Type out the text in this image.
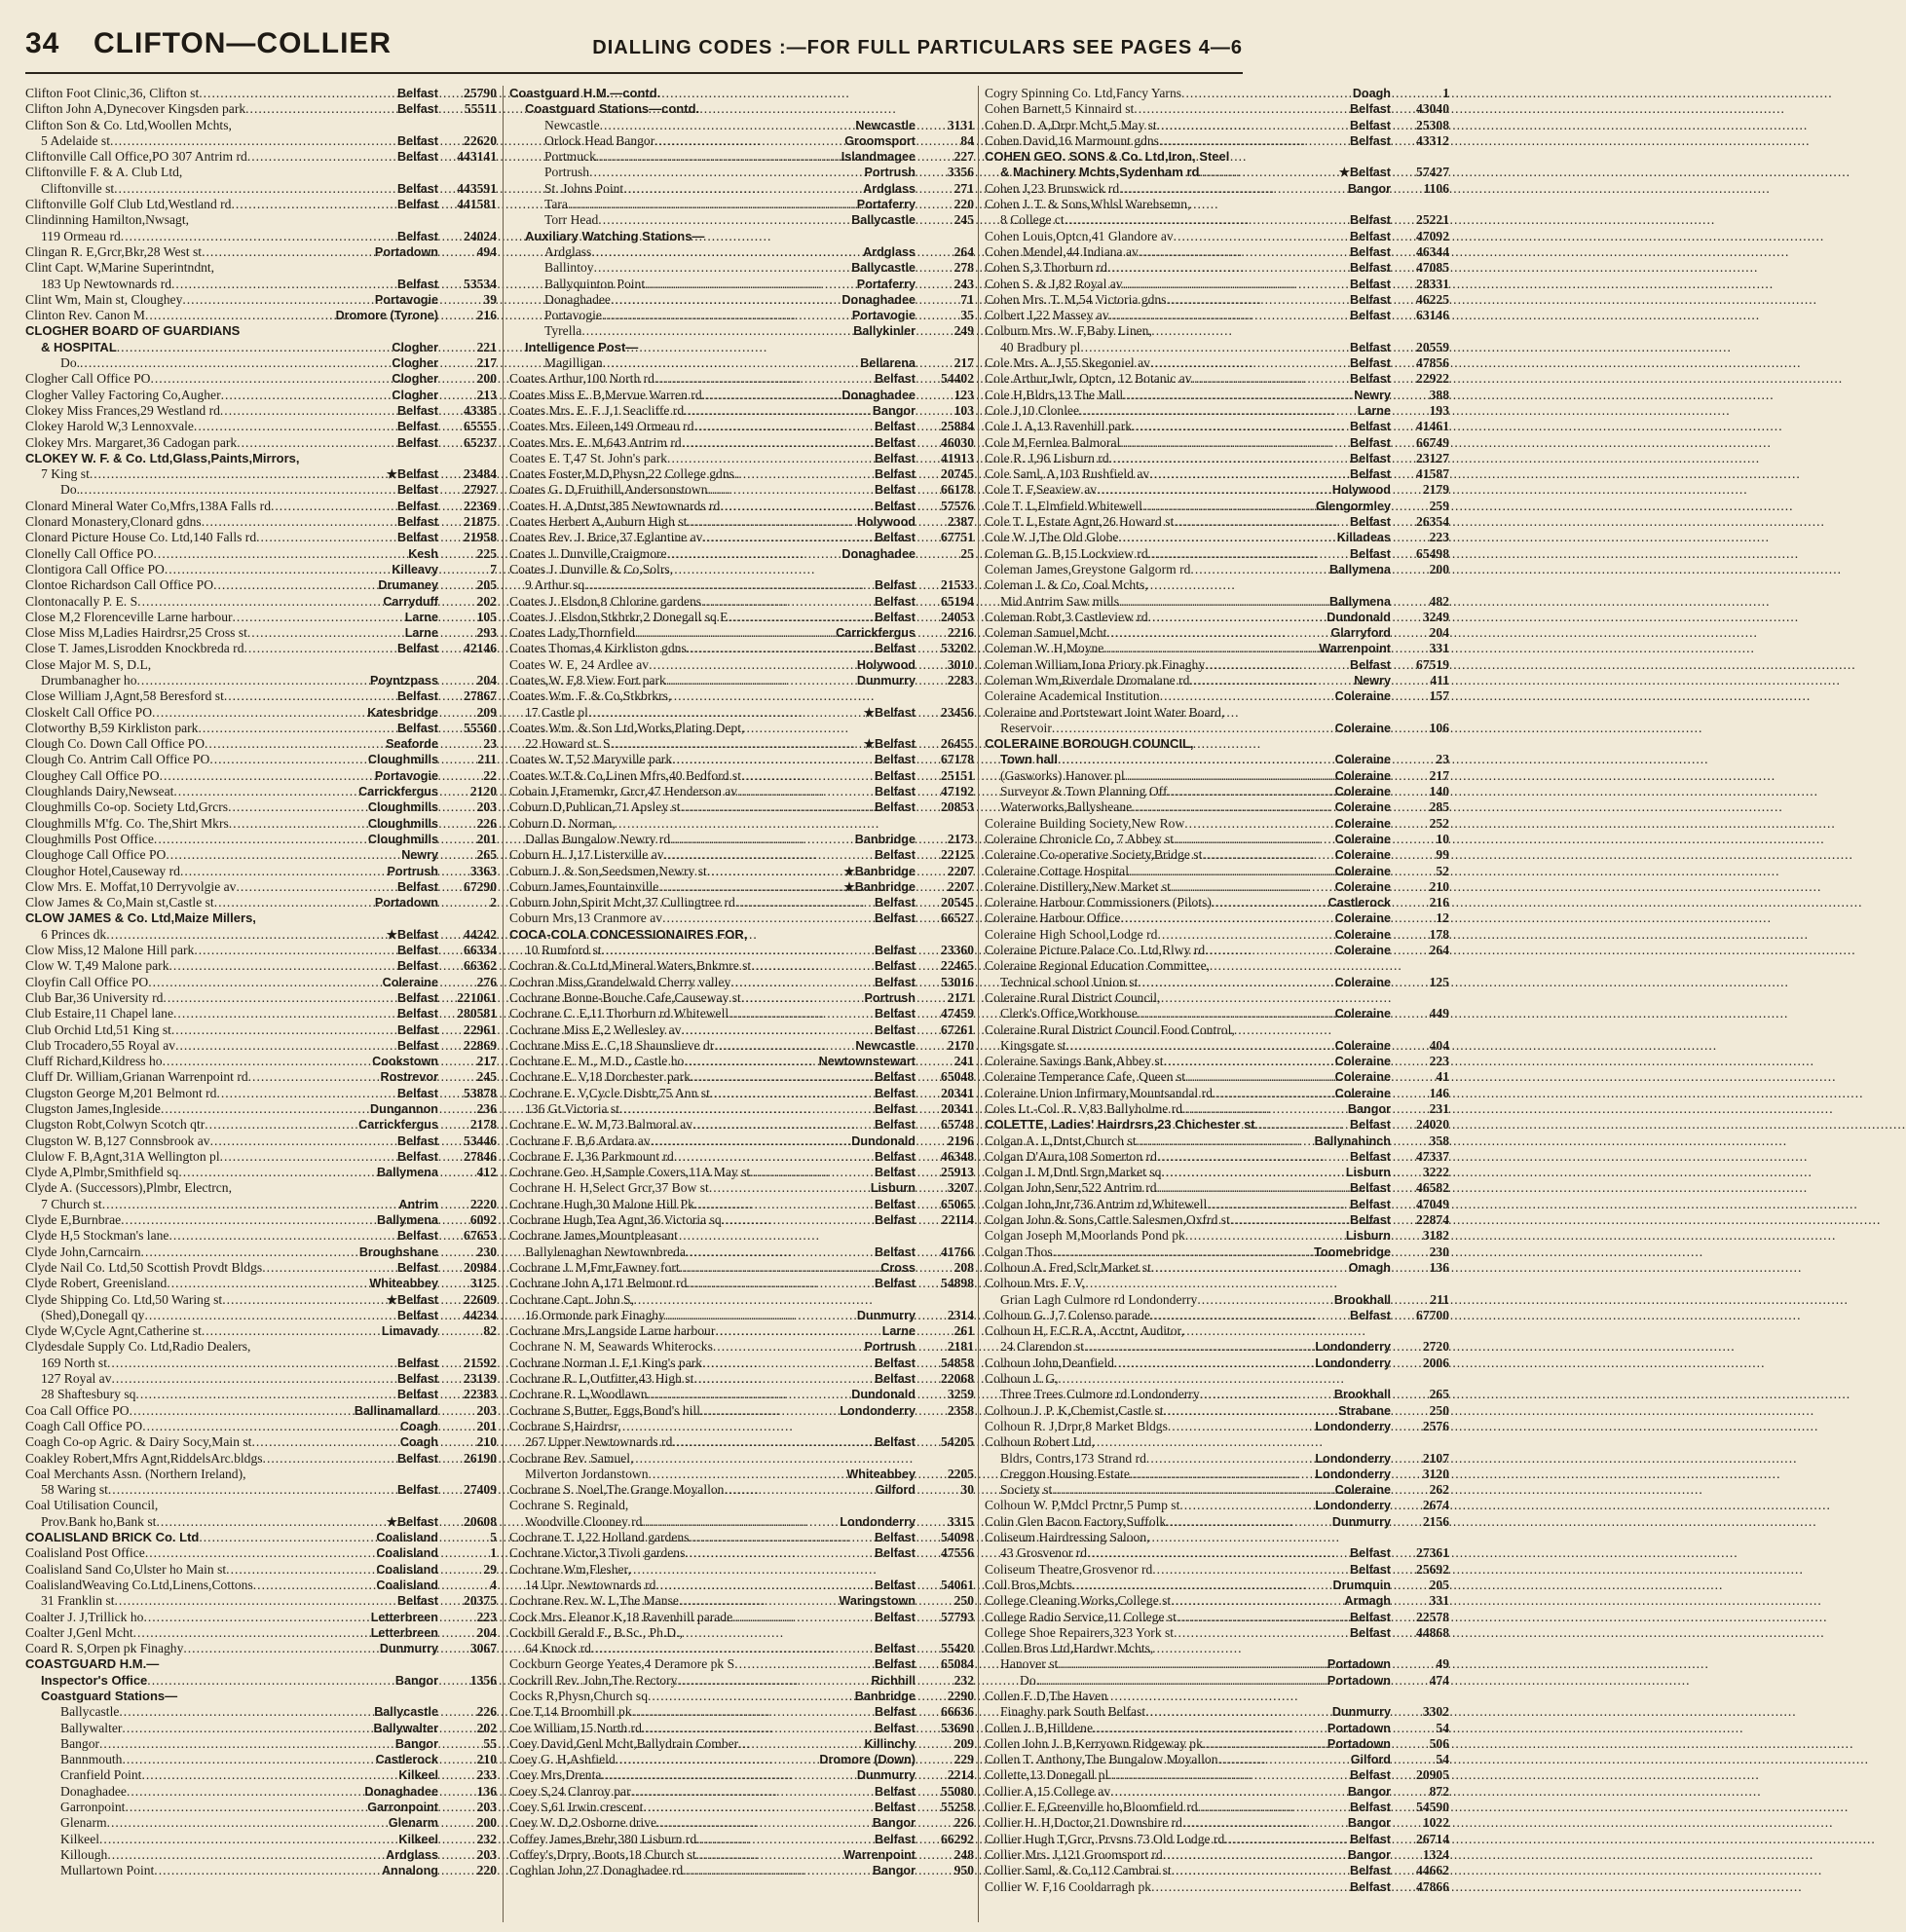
34 CLIFTON—COLLIER	DIALLING CODES :—FOR FULL PARTICULARS SEE PAGES 4—6
Clifton Foot Clinic,36, Clifton st .....	Belfast	25790
Clifton John A,Dynecover Kingsden park .....	Belfast	55511
Clifton Son & Co. Ltd,Woollen Mchts,
5 Adelaide st .....	Belfast	22620
Cliftonville Call Office,PO 307 Antrim rd .....	Belfast	443141
Cliftonville F. & A. Club Ltd,
Cliftonville st .....	Belfast	443591
Cliftonville Golf Club Ltd,Westland rd .....	Belfast	441581
Clindinning Hamilton,Nwsagt,
119 Ormeau rd .....	Belfast	24024
Clingan R. E,Grcr,Bkr,28 West st .....	Portadown	494
Clint Capt. W,Marine Superintndnt,
183 Up Newtownards rd .....	Belfast	53534
Clint Wm, Main st, Cloughey .....	Portavogie	39
Clinton Rev. Canon M .....	Dromore (Tyrone)	216
CLOGHER BOARD OF GUARDIANS
& HOSPITAL .....	Clogher	221
Do. .....	Clogher	217
Clogher Call Office PO .....	Clogher	200
Clogher Valley Factoring Co,Augher .....	Clogher	213
Clokey Miss Frances,29 Westland rd .....	Belfast	43385
Clokey Harold W,3 Lennoxvale .....	Belfast	65555
Clokey Mrs. Margaret,36 Cadogan park .....	Belfast	65237
CLOKEY W. F. & Co. Ltd,Glass,Paints,Mirrors,
7 King st .....	★Belfast	23484
Do. .....	Belfast	27927
Clonard Mineral Water Co,Mfrs,138A Falls rd .....	Belfast	22369
Clonard Monastery,Clonard gdns .....	Belfast	21875
Clonard Picture House Co. Ltd,140 Falls rd .....	Belfast	21958
Clonelly Call Office PO .....	Kesh	225
Clontigora Call Office PO .....	Killeavy	7
Clontoe Richardson Call Office PO .....	Drumaney	205
Clontonacally P. E. S .....	Carryduff	202
Close M,2 Florenceville Larne harbour .....	Larne	105
Close Miss M,Ladies Hairdrsr,25 Cross st .....	Larne	293
Close T. James,Lisrodden Knockbreda rd .....	Belfast	42146
Close Major M. S, D.L,
Drumbanagher ho .....	Poyntzpass	204
Close William J,Agnt,58 Beresford st .....	Belfast	27867
Closkelt Call Office PO .....	Katesbridge	209
Clotworthy B,59 Kirkliston park .....	Belfast	55560
Clough Co. Down Call Office PO .....	Seaforde	23
Clough Co. Antrim Call Office PO .....	Cloughmills	211
Cloughey Call Office PO .....	Portavogie	22
Cloughlands Dairy,Newseat .....	Carrickfergus	2120
Cloughmills Co-op. Society Ltd,Grcrs .....	Cloughmills	203
Cloughmills M'fg. Co. The,Shirt Mkrs .....	Cloughmills	226
Cloughmills Post Office .....	Cloughmills	201
Cloughoge Call Office PO .....	Newry	265
Cloughor Hotel,Causeway rd .....	Portrush	3363
Clow Mrs. E. Moffat,10 Derryvolgie av .....	Belfast	67290
Clow James & Co,Main st,Castle st .....	Portadown	2
CLOW JAMES & Co. Ltd,Maize Millers,
6 Princes dk .....	★Belfast	44242
Clow Miss,12 Malone Hill park .....	Belfast	66334
Clow W. T,49 Malone park .....	Belfast	66362
Cloyfin Call Office PO .....	Coleraine	276
Club Bar,36 University rd .....	Belfast	221061
Club Estaire,11 Chapel lane .....	Belfast	280581
Club Orchid Ltd,51 King st .....	Belfast	22961
Club Trocadero,55 Royal av .....	Belfast	22869
Cluff Richard,Kildress ho .....	Cookstown	217
Cluff Dr. William,Grianan Warrenpoint rd .....	Rostrevor	245
Clugston George M,201 Belmont rd .....	Belfast	53878
Clugston James,Ingleside .....	Dungannon	236
Clugston Robt,Colwyn Scotch qtr .....	Carrickfergus	2178
Clugston W. B,127 Connsbrook av .....	Belfast	53446
Clulow F. B,Agnt,31A Wellington pl .....	Belfast	27846
Clyde A,Plmbr,Smithfield sq .....	Ballymena	412
Clyde A. (Successors),Plmbr, Electrcn,
7 Church st .....	Antrim	2220
Clyde E,Burnbrae .....	Ballymena	6092
Clyde H,5 Stockman's lane .....	Belfast	67653
Clyde John,Carncairn .....	Broughshane	230
Clyde Nail Co. Ltd,50 Scottish Provdt Bldgs .....	Belfast	20984
Clyde Robert, Greenisland .....	Whiteabbey	3125
Clyde Shipping Co. Ltd,50 Waring st .....	★Belfast	22609
(Shed),Donegall qy .....	Belfast	44234
Clyde W,Cycle Agnt,Catherine st .....	Limavady	82
Clydesdale Supply Co. Ltd,Radio Dealers,
169 North st .....	Belfast	21592
127 Royal av .....	Belfast	23139
28 Shaftesbury sq .....	Belfast	22383
Coa Call Office PO .....	Ballinamallard	203
Coagh Call Office PO .....	Coagh	201
Coagh Co-op Agric. & Dairy Socy,Main st .....	Coagh	210
Coakley Robert,Mfrs Agnt,RiddelsArc.bldgs .....	Belfast	26190
Coal Merchants Assn. (Northern Ireland),
58 Waring st .....	Belfast	27409
Coal Utilisation Council,
Prov.Bank ho,Bank st .....	★Belfast	20608
COALISLAND BRICK Co. Ltd .....	Coalisland	5
Coalisland Post Office .....	Coalisland	1
Coalisland Sand Co,Ulster ho Main st .....	Coalisland	29
CoalislandWeaving Co.Ltd,Linens,Cottons .....	Coalisland	4
31 Franklin st .....	Belfast	20375
Coalter J. J,Trillick ho .....	Letterbreen	223
Coalter J,Genl Mcht .....	Letterbreen	204
Coard R. S,Orpen pk Finaghy .....	Dunmurry	3067
COASTGUARD H.M.—
Inspector's Office .....	Bangor	1356
Coastguard Stations—
Ballycastle .....	Ballycastle	226
Ballywalter .....	Ballywalter	202
Bangor .....	Bangor	55
Bannmouth .....	Castlerock	210
Cranfield Point .....	Kilkeel	233
Donaghadee .....	Donaghadee	136
Garronpoint .....	Garronpoint	203
Glenarm .....	Glenarm	200
Kilkeel .....	Kilkeel	232
Killough .....	Ardglass	203
Mullartown Point .....	Annalong	220
Coastguard H.M.—contd.
Coastguard Stations—contd.
Newcastle .....	Newcastle	3131
Orlock Head Bangor .....	Groomsport	84
Portmuck .....	Islandmagee	227
Portrush .....	Portrush	3356
St. Johns Point .....	Ardglass	271
Tara .....	Portaferry	220
Torr Head .....	Ballycastle	245
Auxiliary Watching Stations—
Ardglass .....	Ardglass	264
Ballintoy .....	Ballycastle	278
Ballyquinton Point .....	Portaferry	243
Donaghadee .....	Donaghadee	71
Portavogie .....	Portavogie	35
Tyrella .....	Ballykinler	249
Intelligence Post—
Magilligan .....	Bellarena	217
Coates Arthur,100 North rd .....	Belfast	54402
Coates Miss E. B,Mervue Warren rd .....	Donaghadee	123
Coates Mrs. E. F. J,1 Seacliffe rd .....	Bangor	103
Coates Mrs. Eileen,149 Ormeau rd .....	Belfast	25884
Coates Mrs. E. M,643 Antrim rd .....	Belfast	46030
Coates E. T,47 St. John's park .....	Belfast	41913
Coates Foster,M.D,Physn,22 College gdns .....	Belfast	20745
Coates G. D,Fruithill,Andersonstown .....	Belfast	66178
Coates H. A,Dntst,385 Newtownards rd .....	Belfast	57576
Coates Herbert A,Auburn High st .....	Holywood	2387
Coates Rev. J. Brice,37 Eglantine av .....	Belfast	67751
Coates J. Dunville,Craigmore .....	Donaghadee	25
Coates J. Dunville & Co,Solrs,
9 Arthur sq .....	Belfast	21533
Coates J. Elsdon,8 Chlorine gardens .....	Belfast	65194
Coates J. Elsdon,Stkbrkr,2 Donegall sq E .....	Belfast	24053
Coates Lady,Thornfield .....	Carrickfergus	2216
Coates Thomas,4 Kirkliston gdns .....	Belfast	53202
Coates W. E, 24 Ardlee av .....	Holywood	3010
Coates,W. F,8 View Fort park .....	Dunmurry	2283
Coates Wm. F. & Co,Stkbrkrs,
17 Castle pl .....	★Belfast	23456
Coates Wm. & Son Ltd,Works,Plating Dept,
22 Howard st. S .....	★Belfast	26455
Coates W. T,52 Maryville park .....	Belfast	67178
Coates W.T.& Co,Linen Mfrs,40 Bedford st .....	Belfast	25151
Cobain J,Framemkr, Grcr,47 Henderson av .....	Belfast	47192
Coburn D,Publican,71 Apsley st .....	Belfast	20853
Coburn D. Norman,
Dallas Bungalow Newry rd .....	Banbridge	2173
Coburn H. J,17 Listerville av .....	Belfast	22125
Coburn J. & Son,Seedsmen,Newry st .....	★Banbridge	2207
Coburn James,Fountainville .....	★Banbridge	2207
Coburn John,Spirit Mcht,37 Cullingtree rd .....	Belfast	20545
Coburn Mrs,13 Cranmore av .....	Belfast	66527
COCA-COLA CONCESSIONAIRES FOR,
10 Rumford st .....	Belfast	23360
Cochran & Co.Ltd,Mineral Waters,Bnkmre st .....	Belfast	22465
Cochran Miss,Grandelwald Cherry valley .....	Belfast	53016
Cochrane Bonne-Bouche Cafe,Causeway st .....	Portrush	2171
Cochrane C. E,11 Thorburn rd Whitewell .....	Belfast	47459
Cochrane Miss E,2 Wellesley av .....	Belfast	67261
Cochrane Miss E. C,18 Shaunslieve dr .....	Newcastle	2170
Cochrane E. M., M.D., Castle ho .....	Newtownstewart	241
Cochrane E. V,18 Dorchester park .....	Belfast	65048
Cochrane E. V,Cycle Disbtr,75 Ann st .....	Belfast	20341
136 Gt.Victoria st .....	Belfast	20341
Cochrane E. W. M,73 Balmoral av .....	Belfast	65748
Cochrane F. B,6 Ardara av .....	Dundonald	2196
Cochrane F. J,36 Parkmount rd .....	Belfast	46348
Cochrane Geo. H,Sample Covers,11A May st .....	Belfast	25913
Cochrane H. H,Select Grcr,37 Bow st .....	Lisburn	3207
Cochrane Hugh,30 Malone Hill Pk .....	Belfast	65065
Cochrane Hugh,Tea Agnt,36 Victoria sq .....	Belfast	22114
Cochrane James,Mountpleasant
Ballylenaghan Newtownbreda .....	Belfast	41766
Cochrane J. M,Fmr,Fawney fort .....	Cross	208
Cochrane John A,171 Belmont rd .....	Belfast	54898
Cochrane Capt. John S,
16 Ormonde park Finaghy .....	Dunmurry	2314
Cochrane Mrs,Langside Larne harbour .....	Larne	261
Cochrane N. M, Seawards Whiterocks .....	Portrush	2181
Cochrane Norman J. F,1 King's park .....	Belfast	54858
Cochrane R. L,Outfitter,43 High st .....	Belfast	22068
Cochrane R. L,Woodlawn .....	Dundonald	3259
Cochrane S,Butter, Eggs,Bond's hill .....	Londonderry	2358
Cochrane S,Hairdrsr,
267 Upper Newtownards rd .....	Belfast	54205
Cochrane Rev. Samuel,
Milverton Jordanstown .....	Whiteabbey	2205
Cochrane S. Noel,The Grange Moyallon .....	Gilford	30
Cochrane S. Reginald,
Woodville Clooney rd .....	Londonderry	3315
Cochrane T. J,22 Holland gardens .....	Belfast	54098
Cochrane Victor,3 Tivoli gardens .....	Belfast	47556
Cochrane Wm,Flesher,
14 Upr. Newtownards rd .....	Belfast	54061
Cochrane Rev. W. L,The Manse .....	Waringstown	250
Cock Mrs. Eleanor K,18 Ravenhill parade .....	Belfast	57793
Cockbill Gerald F., B.Sc., Ph.D.,
64 Knock rd .....	Belfast	55420
Cockburn George Yeates,4 Deramore pk S .....	Belfast	65084
Cockrill Rev. John,The Rectory .....	Richhill	232
Cocks R,Physn,Church sq .....	Banbridge	2290
Coe T,14 Broomhill pk .....	Belfast	66636
Coe William,15 North rd .....	Belfast	53690
Coey David,Genl Mcht,Ballydrain Comber .....	Killinchy	209
Coey G. H,Ashfield .....	Dromore (Down)	229
Coey Mrs,Drenta .....	Dunmurry	2214
Coey S,24 Clanroy par .....	Belfast	55080
Coey S,61 Irwin crescent .....	Belfast	55258
Coey W. D,2 Osborne drive .....	Bangor	226
Coffey James,Brehr,380 Lisburn rd .....	Belfast	66292
Coffey's,Drpry, Boots,18 Church st .....	Warrenpoint	248
Coghlan John,27 Donaghadee rd .....	Bangor	950
Cogry Spinning Co. Ltd,Fancy Yarns .....	Doagh	1
Cohen Barnett,5 Kinnaird st .....	Belfast	43040
Cohen D. A,Drpr Mcht,5 May st .....	Belfast	25308
Cohen David,16 Marmount gdns .....	Belfast	43312
COHEN GEO. SONS & Co. Ltd,Iron, Steel
& Machinery Mchts,Sydenham rd .....	★Belfast	57427
Cohen J,23 Brunswick rd .....	Bangor	1106
Cohen J. T. & Sons,Whlsl Warehsemn,
8 College ct .....	Belfast	25221
Cohen Louis,Optcn,41 Glandore av .....	Belfast	47092
Cohen Mendel,44 Indiana av .....	Belfast	46344
Cohen S,3 Thorburn rd .....	Belfast	47085
Cohen S. & J,82 Royal av .....	Belfast	28331
Cohen Mrs. T. M,54 Victoria gdns .....	Belfast	46225
Colbert J,22 Massey av .....	Belfast	63146
Colburn Mrs. W. F,Baby Linen,
40 Bradbury pl .....	Belfast	20559
Cole Mrs. A. J,55 Skegoniel av .....	Belfast	47856
Cole Arthur,Jwlr, Optcn, 12 Botanic av .....	Belfast	22922
Cole H,Bldrs,13 The Mall .....	Newry	388
Cole J,10 Clonlee .....	Larne	193
Cole J. A,13 Ravenhill park .....	Belfast	41461
Cole M,Fernlea Balmoral .....	Belfast	66749
Cole R. J,96 Lisburn rd .....	Belfast	23127
Cole Saml, A,103 Rushfield av .....	Belfast	41587
Cole T. F,Seaview av .....	Holywood	2179
Cole T. L,Elmfield Whitewell .....	Glengormley	259
Cole T. L,Estate Agnt,26 Howard st .....	Belfast	26354
Cole W. J,The Old Globe .....	Killadeas	223
Coleman G. B,15 Lockview rd .....	Belfast	65498
Coleman James,Greystone Galgorm rd .....	Ballymena	200
Coleman J. & Co, Coal Mchts,
Mid Antrim Saw mills .....	Ballymena	482
Coleman Robt,3 Castleview rd .....	Dundonald	3249
Coleman Samuel,Mcht .....	Glarryford	204
Coleman W. H,Moyne .....	Warrenpoint	331
Coleman William,Iona Priory pk Finaghy .....	Belfast	67519
Coleman Wm,Riverdale Dromalane rd .....	Newry	411
Coleraine Academical Institution .....	Coleraine	157
Coleraine and Portstewart Joint Water Board,
Reservoir .....	Coleraine	106
COLERAINE BOROUGH COUNCIL,
Town hall .....	Coleraine	23
(Gasworks) Hanover pl .....	Coleraine	217
Surveyor & Town Planning Off .....	Coleraine	140
Waterworks,Ballysheane .....	Coleraine	285
Coleraine Building Society,New Row .....	Coleraine	252
Coleraine Chronicle Co, 7 Abbey st .....	Coleraine	10
Coleraine Co-operative Society,Bridge st .....	Coleraine	99
Coleraine Cottage Hospital .....	Coleraine	52
Coleraine Distillery,New Market st .....	Coleraine	210
Coleraine Harbour Commissioners (Pilots) .....	Castlerock	216
Coleraine Harbour Office .....	Coleraine	12
Coleraine High School,Lodge rd .....	Coleraine	178
Coleraine Picture Palace Co. Ltd,Rlwy rd .....	Coleraine	264
Coleraine Regional Education Committee,
Technical school Union st .....	Coleraine	125
Coleraine Rural District Council,
Clerk's Office,Workhouse .....	Coleraine	449
Coleraine Rural District Council Food Control,
Kingsgate st .....	Coleraine	404
Coleraine Savings Bank,Abbey st .....	Coleraine	223
Coleraine Temperance Cafe, Queen st .....	Coleraine	41
Coleraine Union Infirmary,Mountsandal rd .....	Coleraine	146
Coles Lt.-Col. R. V,83 Ballyholme rd .....	Bangor	231
COLETTE, Ladies' Hairdrsrs,23 Chichester st .....	Belfast	24020
Colgan A. L,Dntst,Church st .....	Ballynahinch	358
Colgan D'Aura,108 Somerton rd .....	Belfast	47337
Colgan J. M,Dntl Srgn,Market sq .....	Lisburn	3222
Colgan John,Senr,522 Antrim rd .....	Belfast	46582
Colgan John,Jnr,736 Antrim rd,Whitewell .....	Belfast	47049
Colgan John & Sons,Cattle Salesmen,Oxfrd st .....	Belfast	22874
Colgan Joseph M,Moorlands Pond pk .....	Lisburn	3182
Colgan Thos .....	Toomebridge	230
Colhoun A. Fred,Sclr,Market st .....	Omagh	136
Colhoun Mrs. F. V,
Grian Lagh Culmore rd Londonderry .....	Brookhall	211
Colhoun G. J,7 Colenso parade .....	Belfast	67700
Colhoun H, F.C.R.A, Acctnt, Auditor,
24 Clarendon st .....	Londonderry	2720
Colhoun John,Deanfield .....	Londonderry	2006
Colhoun J. G,
Three Trees Culmore rd Londonderry .....	Brookhall	265
Colhoun J. P. K,Chemist,Castle st .....	Strabane	250
Colhoun R. J,Drpr,8 Market Bldgs .....	Londonderry	2576
Colhoun Robert Ltd,
Bldrs, Contrs,173 Strand rd .....	Londonderry	2107
Creggon Housing Estate .....	Londonderry	3120
Society st .....	Coleraine	262
Colhoun W. P,Mdcl Prctnr,5 Pump st .....	Londonderry	2674
Colin Glen Bacon Factory,Suffolk .....	Dunmurry	2156
Coliseum Hairdressing Saloon,
43 Grosvenor rd .....	Belfast	27361
Coliseum Theatre,Grosvenor rd .....	Belfast	25692
Coll Bros,Mchts .....	Drumquin	205
College Cleaning Works,College st .....	Armagh	331
College Radio Service,11 College st .....	Belfast	22578
College Shoe Repairers,323 York st .....	Belfast	44868
Collen Bros Ltd,Hardwr Mchts,
Hanover st .....	Portadown	49
Do. .....	Portadown	474
Collen F. D,The Haven
Finaghy park South Belfast .....	Dunmurry	3302
Collen J. B,Hilldene .....	Portadown	54
Collen John J. B,Kerryown Ridgeway pk .....	Portadown	506
Collen T. Anthony,The Bungalow Moyallon .....	Gilford	54
Collette,13 Donegall pl .....	Belfast	20905
Collier A,15 College av .....	Bangor	872
Collier F. F,Greenville ho,Bloomfield rd .....	Belfast	54590
Collier H. H,Doctor,21 Downshire rd .....	Bangor	1022
Collier Hugh T,Grcr, Prvsns 73 Old Lodge rd .....	Belfast	26714
Collier Mrs. J,121 Groomsport rd .....	Bangor	1324
Collier Saml, & Co,112 Cambrai st .....	Belfast	44662
Collier W. F,16 Cooldarragh pk .....	Belfast	47866
